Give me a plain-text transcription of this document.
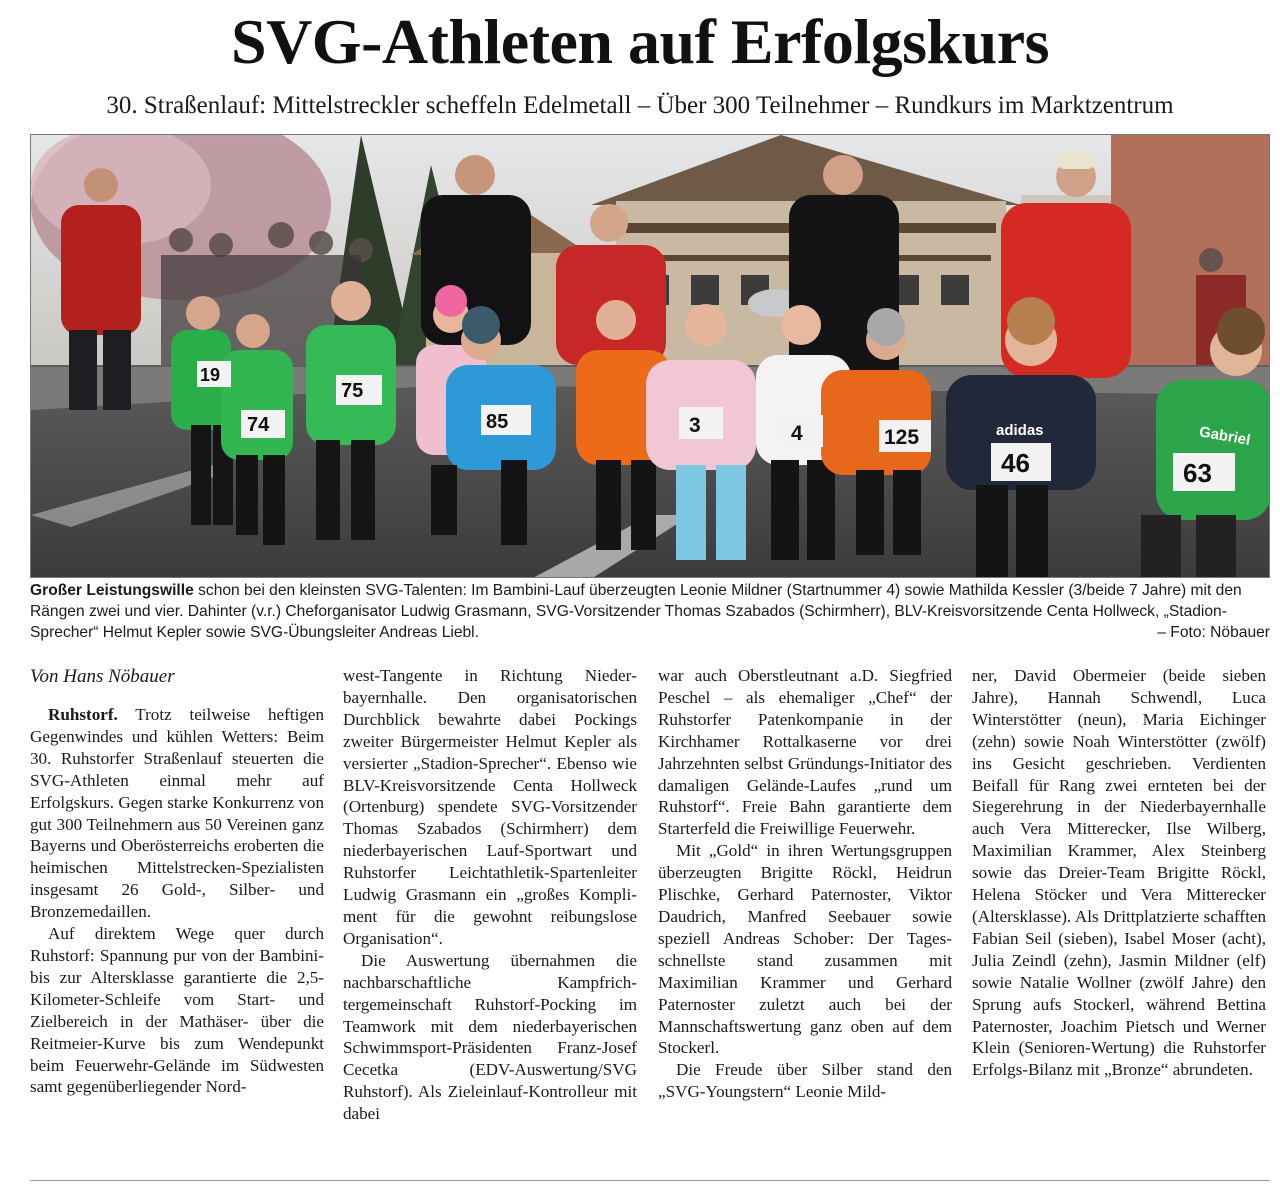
SVG-Athleten auf Erfolgskurs
30. Straßenlauf: Mittelstreckler scheffeln Edelmetall – Über 300 Teilnehmer – Rundkurs im Marktzentrum
19
74
75
85	3	4	125
46	63
adidas	Gabriel
Großer Leistungswille schon bei den kleinsten SVG-Talenten: Im Bambini-Lauf überzeugten Leonie Mildner (Startnummer 4) sowie Mathilda Kessler (3/beide 7 Jahre) mit den Rängen zwei und vier. Dahinter (v.r.) Cheforganisator Ludwig Grasmann, SVG-Vorsitzender Thomas Szabados (Schirmherr), BLV-Kreisvorsitzende Centa Hollweck, „Stadion-Sprecher“ Helmut Kepler sowie SVG-Übungsleiter Andreas Liebl.	– Foto: Nöbauer
Von Hans Nöbauer

Ruhstorf. Trotz teilweise heftigen Gegenwindes und kühlen Wetters: Beim 30. Ruhstorfer Straßenlauf steuerten die SVG-Athleten einmal mehr auf Erfolgskurs. Gegen starke Konkurrenz von gut 300 Teilnehmern aus 50 Vereinen ganz Bayerns und Oberösterreichs eroberten die heimischen Mittelstrecken-Spezialisten insgesamt 26 Gold-, Silber- und Bronzemedaillen.

Auf direktem Wege quer durch Ruhstorf: Spannung pur von der Bambini- bis zur Altersklasse garantierte die 2,5-Kilometer-Schleife vom Start- und Zielbereich in der Mathäser- über die Reitmeier-Kurve bis zum Wendepunkt beim Feuerwehr-Gelände im Südwesten samt gegenüberliegender Nord-

west-Tangente in Richtung Niederbayernhalle. Den organisatorischen Durchblick bewahrte dabei Pockings zweiter Bürgermeister Helmut Kepler als versierter „Stadion-Sprecher“. Ebenso wie BLV-Kreisvorsitzende Centa Hollweck (Ortenburg) spendete SVG-Vorsitzender Thomas Szabados (Schirmherr) dem niederbayerischen Lauf-Sportwart und Ruhstorfer Leichtathletik-Spartenleiter Ludwig Grasmann ein „großes Kompliment für die gewohnt reibungslose Organisation“.

Die Auswertung übernahmen die nachbarschaftliche Kampfrichtergemeinschaft Ruhstorf-Pocking im Teamwork mit dem niederbayerischen Schwimmsport-Präsidenten Franz-Josef Cecetka (EDV-Auswertung/SVG Ruhstorf). Als Zieleinlauf-Kontrolleur mit dabei

war auch Oberstleutnant a.D. Siegfried Peschel – als ehemaliger „Chef“ der Ruhstorfer Patenkompanie in der Kirchhamer Rottalkaserne vor drei Jahrzehnten selbst Gründungs-Initiator des damaligen Gelände-Laufes „rund um Ruhstorf“. Freie Bahn garantierte dem Starterfeld die Freiwillige Feuerwehr.

Mit „Gold“ in ihren Wertungsgruppen überzeugten Brigitte Röckl, Heidrun Plischke, Gerhard Paternoster, Viktor Daudrich, Manfred Seebauer sowie speziell Andreas Schober: Der Tagesschnellste stand zusammen mit Maximilian Krammer und Gerhard Paternoster zuletzt auch bei der Mannschaftswertung ganz oben auf dem Stockerl.

Die Freude über Silber stand den „SVG-Youngstern“ Leonie Mild-

ner, David Obermeier (beide sieben Jahre), Hannah Schwendl, Luca Winterstötter (neun), Maria Eichinger (zehn) sowie Noah Winterstötter (zwölf) ins Gesicht geschrieben. Verdienten Beifall für Rang zwei ernteten bei der Siegerehrung in der Niederbayernhalle auch Vera Mitterecker, Ilse Wilberg, Maximilian Krammer, Alex Steinberg sowie das Dreier-Team Brigitte Röckl, Helena Stöcker und Vera Mitterecker (Altersklasse). Als Drittplatzierte schafften Fabian Seil (sieben), Isabel Moser (acht), Julia Zeindl (zehn), Jasmin Mildner (elf) sowie Natalie Wollner (zwölf Jahre) den Sprung aufs Stockerl, während Bettina Paternoster, Joachim Pietsch und Werner Klein (Senioren-Wertung) die Ruhstorfer Erfolgs-Bilanz mit „Bronze“ abrundeten.
